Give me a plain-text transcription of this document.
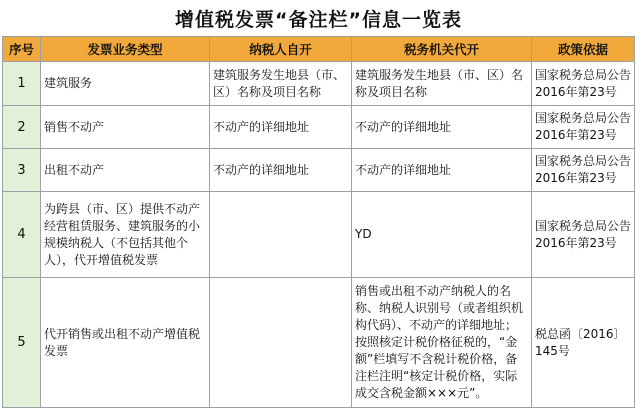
增值税发票“备注栏”信息一览表
序号	发票业务类型	纳税人自开	税务机关代开	政策依据
1	建筑服务	建筑服务发生地县（市、区）名称及项目名称	建筑服务发生地县（市、区）名称及项目名称	国家税务总局公告2016年第23号
2	销售不动产	不动产的详细地址	不动产的详细地址	国家税务总局公告2016年第23号
3	出租不动产	不动产的详细地址	不动产的详细地址	国家税务总局公告2016年第23号
4	为跨县（市、区）提供不动产经营租赁服务、建筑服务的小规模纳税人（不包括其他个人），代开增值税发票		YD	国家税务总局公告2016年第23号
5	代开销售或出租不动产增值税发票		销售或出租不动产纳税人的名称、纳税人识别号（或者组织机构代码）、不动产的详细地址；按照核定计税价格征税的，“金额”栏填写不含税计税价格，备注栏注明“核定计税价格，实际成交含税金额×××元”。	税总函〔2016〕145号
